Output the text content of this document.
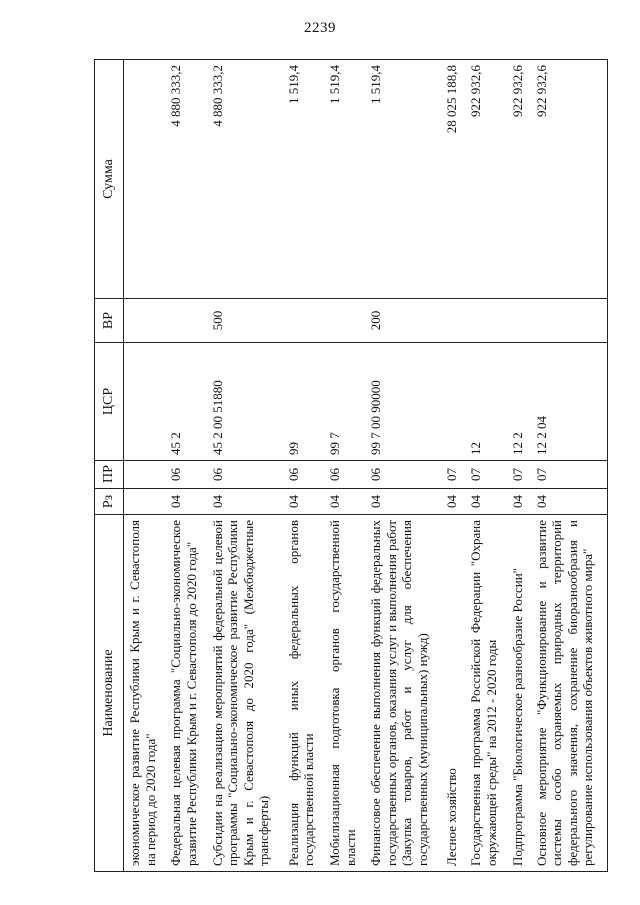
2239
Наименование	Рз	ПР	ЦСР	ВР	Сумма
экономическое развитие Республики Крым и г. Севастополя на период до 2020 года"					
Федеральная целевая программа "Социально-экономическое развитие Республики Крым и г. Севастополя до 2020 года"	04	06	45 2		4 880 333,2
Субсидии на реализацию мероприятий федеральной целевой программы "Социально-экономическое развитие Республики Крым и г. Севастополя до 2020 года" (Межбюджетные трансферты)	04	06	45 2 00 51880	500	4 880 333,2
Реализация функций иных федеральных органов государственной власти	04	06	99		1 519,4
Мобилизационная подготовка органов государственной власти	04	06	99 7		1 519,4
Финансовое обеспечение выполнения функций федеральных государственных органов, оказания услуг и выполнения работ (Закупка товаров, работ и услуг для обеспечения государственных (муниципальных) нужд)	04	06	99 7 00 90000	200	1 519,4
Лесное хозяйство	04	07			28 025 188,8
Государственная программа Российской Федерации "Охрана окружающей среды" на 2012 - 2020 годы	04	07	12		922 932,6
Подпрограмма "Биологическое разнообразие России"	04	07	12 2		922 932,6
Основное мероприятие "Функционирование и развитие системы особо охраняемых природных территорий федерального значения, сохранение биоразнообразия и регулирование использования объектов животного мира"	04	07	12 2 04		922 932,6
